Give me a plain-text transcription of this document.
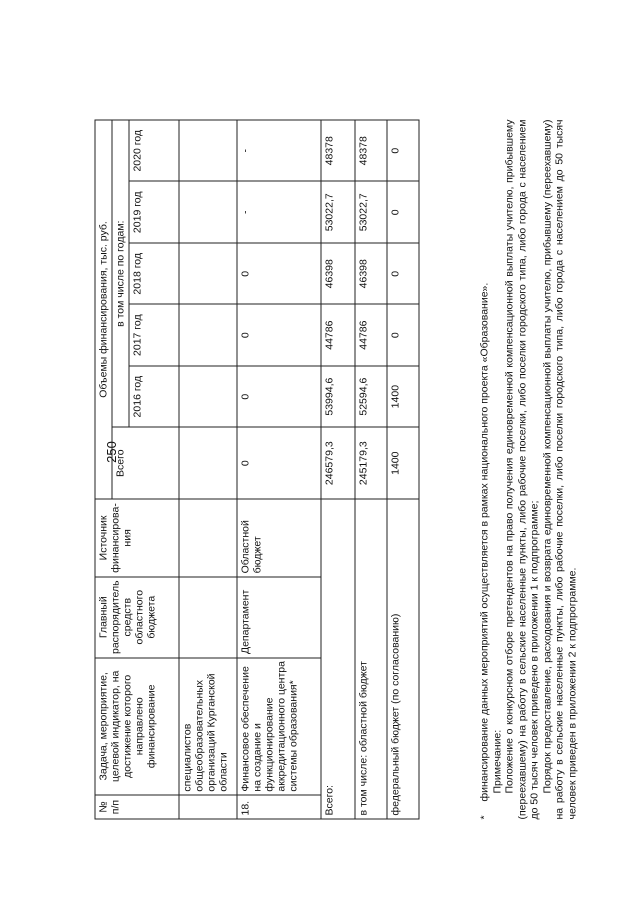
250
№ п/п	Задача, мероприятие, целевой индикатор, на достижение которого направлено финансирование	Главный распорядитель средств областного бюджета	Источник финансирова-ния	Объемы финансирования, тыс. руб.					
				Всего	в том числе по годам:				
					2016 год	2017 год	2018 год	2019 год	2020 год
	специалистов общеобразовательных организаций Курганской области								
18.	Финансовое обеспечение на создание и функционирование аккредитационного центра системы образования*	Департамент	Областной бюджет	0	0	0	0	-	-
Всего:				246579,3	53994,6	44786	46398	53022,7	48378
в том числе: областной бюджет				245179,3	52594,6	44786	46398	53022,7	48378
федеральный бюджет (по согласованию)				1400	1400	0	0	0	0

*финансирование данных мероприятий осуществляется в рамках национального проекта «Образование». Примечание: Положение о конкурсном отборе претендентов на право получения единовременной компенсационной выплаты учителю, прибывшему (переехавшему) на работу в сельские населенные пункты, либо рабочие поселки, либо поселки городского типа, либо города с населением до 50 тысяч человек приведено в приложении 1 к подпрограмме; Порядок предоставление, расходования и возврата единовременной компенсационной выплаты учителю, прибывшему (переехавшему) на работу в сельские населенные пункты, либо рабочие поселки, либо поселки городского типа, либо города с населением до 50 тысяч человек приведен в приложении 2 к подпрограмме.
